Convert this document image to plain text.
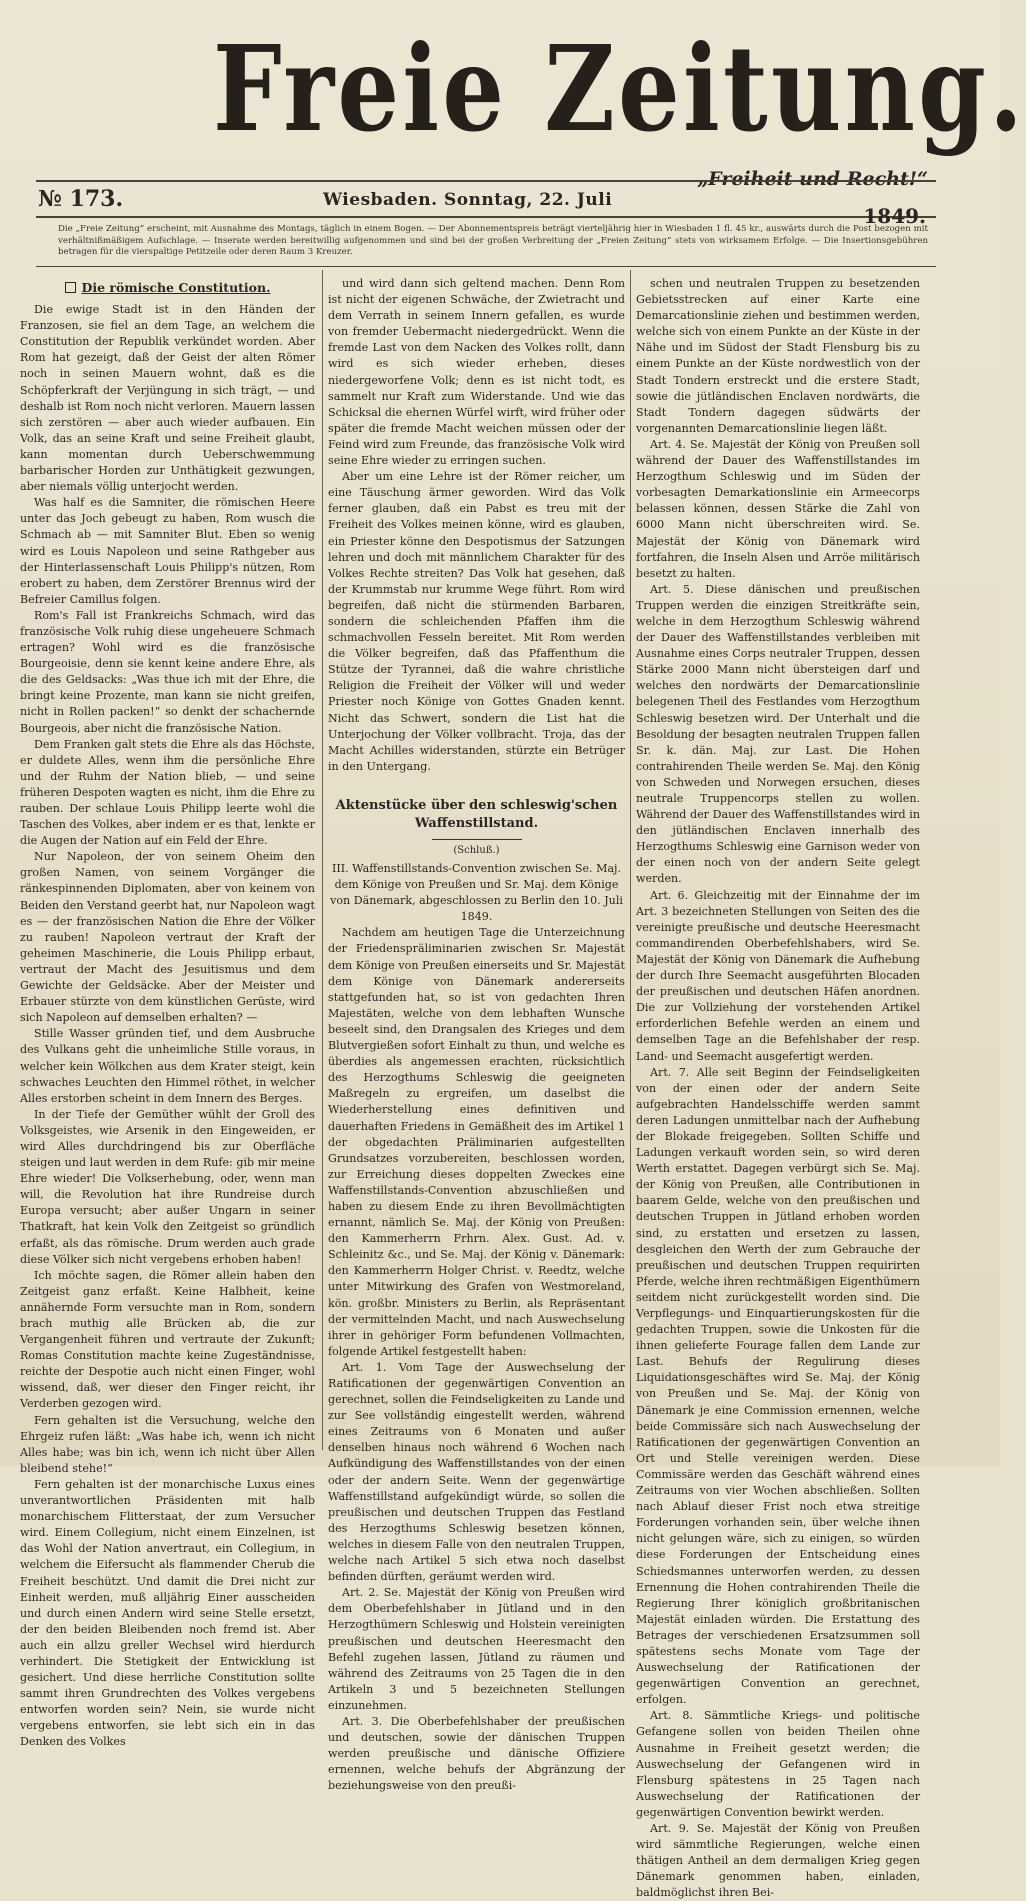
Freie Zeitung.
„Freiheit und Recht!“
№ 173.	Wiesbaden. Sonntag, 22. Juli
1849.
Die „Freie Zeitung“ erscheint, mit Ausnahme des Montags, täglich in einem Bogen. — Der Abonnementspreis beträgt vierteljährig hier in Wiesbaden 1 fl. 45 kr., auswärts durch die Post bezogen mit verhältnißmäßigem Aufschlage. — Inserate werden bereitwillig aufgenommen und sind bei der großen Verbreitung der „Freien Zeitung“ stets von wirksamem Erfolge. — Die Insertionsgebühren betragen für die vierspaltige Petitzeile oder deren Raum 3 Kreuzer.
Die römische Constitution.

Die ewige Stadt ist in den Händen der Franzosen, sie fiel an dem Tage, an welchem die Constitution der Republik verkündet worden. Aber Rom hat gezeigt, daß der Geist der alten Römer noch in seinen Mauern wohnt, daß es die Schöpferkraft der Verjüngung in sich trägt, — und deshalb ist Rom noch nicht verloren. Mauern lassen sich zerstören — aber auch wieder aufbauen. Ein Volk, das an seine Kraft und seine Freiheit glaubt, kann momentan durch Ueberschwemmung barbarischer Horden zur Unthätigkeit gezwungen, aber niemals völlig unterjocht werden.

Was half es die Samniter, die römischen Heere unter das Joch gebeugt zu haben, Rom wusch die Schmach ab — mit Samniter Blut. Eben so wenig wird es Louis Napoleon und seine Rathgeber aus der Hinterlassenschaft Louis Philipp's nützen, Rom erobert zu haben, dem Zerstörer Brennus wird der Befreier Camillus folgen.

Rom's Fall ist Frankreichs Schmach, wird das französische Volk ruhig diese ungeheuere Schmach ertragen? Wohl wird es die französische Bourgeoisie, denn sie kennt keine andere Ehre, als die des Geldsacks: „Was thue ich mit der Ehre, die bringt keine Prozente, man kann sie nicht greifen, nicht in Rollen packen!“ so denkt der schachernde Bourgeois, aber nicht die französische Nation.

Dem Franken galt stets die Ehre als das Höchste, er duldete Alles, wenn ihm die persönliche Ehre und der Ruhm der Nation blieb, — und seine früheren Despoten wagten es nicht, ihm die Ehre zu rauben. Der schlaue Louis Philipp leerte wohl die Taschen des Volkes, aber indem er es that, lenkte er die Augen der Nation auf ein Feld der Ehre.

Nur Napoleon, der von seinem Oheim den großen Namen, von seinem Vorgänger die ränkespinnenden Diplomaten, aber von keinem von Beiden den Verstand geerbt hat, nur Napoleon wagt es — der französischen Nation die Ehre der Völker zu rauben! Napoleon vertraut der Kraft der geheimen Maschinerie, die Louis Philipp erbaut, vertraut der Macht des Jesuitismus und dem Gewichte der Geldsäcke. Aber der Meister und Erbauer stürzte von dem künstlichen Gerüste, wird sich Napoleon auf demselben erhalten? —

Stille Wasser gründen tief, und dem Ausbruche des Vulkans geht die unheimliche Stille voraus, in welcher kein Wölkchen aus dem Krater steigt, kein schwaches Leuchten den Himmel röthet, in welcher Alles erstorben scheint in dem Innern des Berges.

In der Tiefe der Gemüther wühlt der Groll des Volksgeistes, wie Arsenik in den Eingeweiden, er wird Alles durchdringend bis zur Oberfläche steigen und laut werden in dem Rufe: gib mir meine Ehre wieder! Die Volkserhebung, oder, wenn man will, die Revolution hat ihre Rundreise durch Europa versucht; aber außer Ungarn in seiner Thatkraft, hat kein Volk den Zeitgeist so gründlich erfaßt, als das römische. Drum werden auch grade diese Völker sich nicht vergebens erhoben haben!

Ich möchte sagen, die Römer allein haben den Zeitgeist ganz erfaßt. Keine Halbheit, keine annähernde Form versuchte man in Rom, sondern brach muthig alle Brücken ab, die zur Vergangenheit führen und vertraute der Zukunft; Romas Constitution machte keine Zugeständnisse, reichte der Despotie auch nicht einen Finger, wohl wissend, daß, wer dieser den Finger reicht, ihr Verderben gezogen wird.

Fern gehalten ist die Versuchung, welche den Ehrgeiz rufen läßt: „Was habe ich, wenn ich nicht Alles habe; was bin ich, wenn ich nicht über Allen bleibend stehe!“

Fern gehalten ist der monarchische Luxus eines unverantwortlichen Präsidenten mit halb monarchischem Flitterstaat, der zum Versucher wird. Einem Collegium, nicht einem Einzelnen, ist das Wohl der Nation anvertraut, ein Collegium, in welchem die Eifersucht als flammender Cherub die Freiheit beschützt. Und damit die Drei nicht zur Einheit werden, muß alljährig Einer ausscheiden und durch einen Andern wird seine Stelle ersetzt, der den beiden Bleibenden noch fremd ist. Aber auch ein allzu greller Wechsel wird hierdurch verhindert. Die Stetigkeit der Entwicklung ist gesichert. Und diese herrliche Constitution sollte sammt ihren Grundrechten des Volkes vergebens entworfen worden sein? Nein, sie wurde nicht vergebens entworfen, sie lebt sich ein in das Denken des Volkes

und wird dann sich geltend machen. Denn Rom ist nicht der eigenen Schwäche, der Zwietracht und dem Verrath in seinem Innern gefallen, es wurde von fremder Uebermacht niedergedrückt. Wenn die fremde Last von dem Nacken des Volkes rollt, dann wird es sich wieder erheben, dieses niedergeworfene Volk; denn es ist nicht todt, es sammelt nur Kraft zum Widerstande. Und wie das Schicksal die ehernen Würfel wirft, wird früher oder später die fremde Macht weichen müssen oder der Feind wird zum Freunde, das französische Volk wird seine Ehre wieder zu erringen suchen.

Aber um eine Lehre ist der Römer reicher, um eine Täuschung ärmer geworden. Wird das Volk ferner glauben, daß ein Pabst es treu mit der Freiheit des Volkes meinen könne, wird es glauben, ein Priester könne den Despotismus der Satzungen lehren und doch mit männlichem Charakter für des Volkes Rechte streiten? Das Volk hat gesehen, daß der Krummstab nur krumme Wege führt. Rom wird begreifen, daß nicht die stürmenden Barbaren, sondern die schleichenden Pfaffen ihm die schmachvollen Fesseln bereitet. Mit Rom werden die Völker begreifen, daß das Pfaffenthum die Stütze der Tyrannei, daß die wahre christliche Religion die Freiheit der Völker will und weder Priester noch Könige von Gottes Gnaden kennt. Nicht das Schwert, sondern die List hat die Unterjochung der Völker vollbracht. Troja, das der Macht Achilles widerstanden, stürzte ein Betrüger in den Untergang.

Aktenstücke über den schleswig'schen Waffenstillstand.
(Schluß.)

III. Waffenstillstands-Convention zwischen Se. Maj. dem Könige von Preußen und Sr. Maj. dem Könige von Dänemark, abgeschlossen zu Berlin den 10. Juli 1849.

Nachdem am heutigen Tage die Unterzeichnung der Friedenspräliminarien zwischen Sr. Majestät dem Könige von Preußen einerseits und Sr. Majestät dem Könige von Dänemark andererseits stattgefunden hat, so ist von gedachten Ihren Majestäten, welche von dem lebhaften Wunsche beseelt sind, den Drangsalen des Krieges und dem Blutvergießen sofort Einhalt zu thun, und welche es überdies als angemessen erachten, rücksichtlich des Herzogthums Schleswig die geeigneten Maßregeln zu ergreifen, um daselbst die Wiederherstellung eines definitiven und dauerhaften Friedens in Gemäßheit des im Artikel 1 der obgedachten Präliminarien aufgestellten Grundsatzes vorzubereiten, beschlossen worden, zur Erreichung dieses doppelten Zweckes eine Waffenstillstands-Convention abzuschließen und haben zu diesem Ende zu ihren Bevollmächtigten ernannt, nämlich Se. Maj. der König von Preußen: den Kammerherrn Frhrn. Alex. Gust. Ad. v. Schleinitz &c., und Se. Maj. der König v. Dänemark: den Kammerherrn Holger Christ. v. Reedtz, welche unter Mitwirkung des Grafen von Westmoreland, kön. großbr. Ministers zu Berlin, als Repräsentant der vermittelnden Macht, und nach Auswechselung ihrer in gehöriger Form befundenen Vollmachten, folgende Artikel festgestellt haben:

Art. 1. Vom Tage der Auswechselung der Ratificationen der gegenwärtigen Convention an gerechnet, sollen die Feindseligkeiten zu Lande und zur See vollständig eingestellt werden, während eines Zeitraums von 6 Monaten und außer denselben hinaus noch während 6 Wochen nach Aufkündigung des Waffenstillstandes von der einen oder der andern Seite. Wenn der gegenwärtige Waffenstillstand aufgekündigt würde, so sollen die preußischen und deutschen Truppen das Festland des Herzogthums Schleswig besetzen können, welches in diesem Falle von den neutralen Truppen, welche nach Artikel 5 sich etwa noch daselbst befinden dürften, geräumt werden wird.

Art. 2. Se. Majestät der König von Preußen wird dem Oberbefehlshaber in Jütland und in den Herzogthümern Schleswig und Holstein vereinigten preußischen und deutschen Heeresmacht den Befehl zugehen lassen, Jütland zu räumen und während des Zeitraums von 25 Tagen die in den Artikeln 3 und 5 bezeichneten Stellungen einzunehmen.

Art. 3. Die Oberbefehlshaber der preußischen und deutschen, sowie der dänischen Truppen werden preußische und dänische Offiziere ernennen, welche behufs der Abgränzung der beziehungsweise von den preußi-

schen und neutralen Truppen zu besetzenden Gebietsstrecken auf einer Karte eine Demarcationslinie ziehen und bestimmen werden, welche sich von einem Punkte an der Küste in der Nähe und im Südost der Stadt Flensburg bis zu einem Punkte an der Küste nordwestlich von der Stadt Tondern erstreckt und die erstere Stadt, sowie die jütländischen Enclaven nordwärts, die Stadt Tondern dagegen südwärts der vorgenannten Demarcationslinie liegen läßt.

Art. 4. Se. Majestät der König von Preußen soll während der Dauer des Waffenstillstandes im Herzogthum Schleswig und im Süden der vorbesagten Demarkationslinie ein Armeecorps belassen können, dessen Stärke die Zahl von 6000 Mann nicht überschreiten wird. Se. Majestät der König von Dänemark wird fortfahren, die Inseln Alsen und Arröe militärisch besetzt zu halten.

Art. 5. Diese dänischen und preußischen Truppen werden die einzigen Streitkräfte sein, welche in dem Herzogthum Schleswig während der Dauer des Waffenstillstandes verbleiben mit Ausnahme eines Corps neutraler Truppen, dessen Stärke 2000 Mann nicht übersteigen darf und welches den nordwärts der Demarcationslinie belegenen Theil des Festlandes vom Herzogthum Schleswig besetzen wird. Der Unterhalt und die Besoldung der besagten neutralen Truppen fallen Sr. k. dän. Maj. zur Last. Die Hohen contrahirenden Theile werden Se. Maj. den König von Schweden und Norwegen ersuchen, dieses neutrale Truppencorps stellen zu wollen. Während der Dauer des Waffenstillstandes wird in den jütländischen Enclaven innerhalb des Herzogthums Schleswig eine Garnison weder von der einen noch von der andern Seite gelegt werden.

Art. 6. Gleichzeitig mit der Einnahme der im Art. 3 bezeichneten Stellungen von Seiten des die vereinigte preußische und deutsche Heeresmacht commandirenden Oberbefehlshabers, wird Se. Majestät der König von Dänemark die Aufhebung der durch Ihre Seemacht ausgeführten Blocaden der preußischen und deutschen Häfen anordnen. Die zur Vollziehung der vorstehenden Artikel erforderlichen Befehle werden an einem und demselben Tage an die Befehlshaber der resp. Land- und Seemacht ausgefertigt werden.

Art. 7. Alle seit Beginn der Feindseligkeiten von der einen oder der andern Seite aufgebrachten Handelsschiffe werden sammt deren Ladungen unmittelbar nach der Aufhebung der Blokade freigegeben. Sollten Schiffe und Ladungen verkauft worden sein, so wird deren Werth erstattet. Dagegen verbürgt sich Se. Maj. der König von Preußen, alle Contributionen in baarem Gelde, welche von den preußischen und deutschen Truppen in Jütland erhoben worden sind, zu erstatten und ersetzen zu lassen, desgleichen den Werth der zum Gebrauche der preußischen und deutschen Truppen requirirten Pferde, welche ihren rechtmäßigen Eigenthümern seitdem nicht zurückgestellt worden sind. Die Verpflegungs- und Einquartierungskosten für die gedachten Truppen, sowie die Unkosten für die ihnen gelieferte Fourage fallen dem Lande zur Last. Behufs der Regulirung dieses Liquidationsgeschäftes wird Se. Maj. der König von Preußen und Se. Maj. der König von Dänemark je eine Commission ernennen, welche beide Commissäre sich nach Auswechselung der Ratificationen der gegenwärtigen Convention an Ort und Stelle vereinigen werden. Diese Commissäre werden das Geschäft während eines Zeitraums von vier Wochen abschließen. Sollten nach Ablauf dieser Frist noch etwa streitige Forderungen vorhanden sein, über welche ihnen nicht gelungen wäre, sich zu einigen, so würden diese Forderungen der Entscheidung eines Schiedsmannes unterworfen werden, zu dessen Ernennung die Hohen contrahirenden Theile die Regierung Ihrer königlich großbritanischen Majestät einladen würden. Die Erstattung des Betrages der verschiedenen Ersatzsummen soll spätestens sechs Monate vom Tage der Auswechselung der Ratificationen der gegenwärtigen Convention an gerechnet, erfolgen.

Art. 8. Sämmtliche Kriegs- und politische Gefangene sollen von beiden Theilen ohne Ausnahme in Freiheit gesetzt werden; die Auswechselung der Gefangenen wird in Flensburg spätestens in 25 Tagen nach Auswechselung der Ratificationen der gegenwärtigen Convention bewirkt werden.

Art. 9. Se. Majestät der König von Preußen wird sämmtliche Regierungen, welche einen thätigen Antheil an dem dermaligen Krieg gegen Dänemark genommen haben, einladen, baldmöglichst ihren Bei-
